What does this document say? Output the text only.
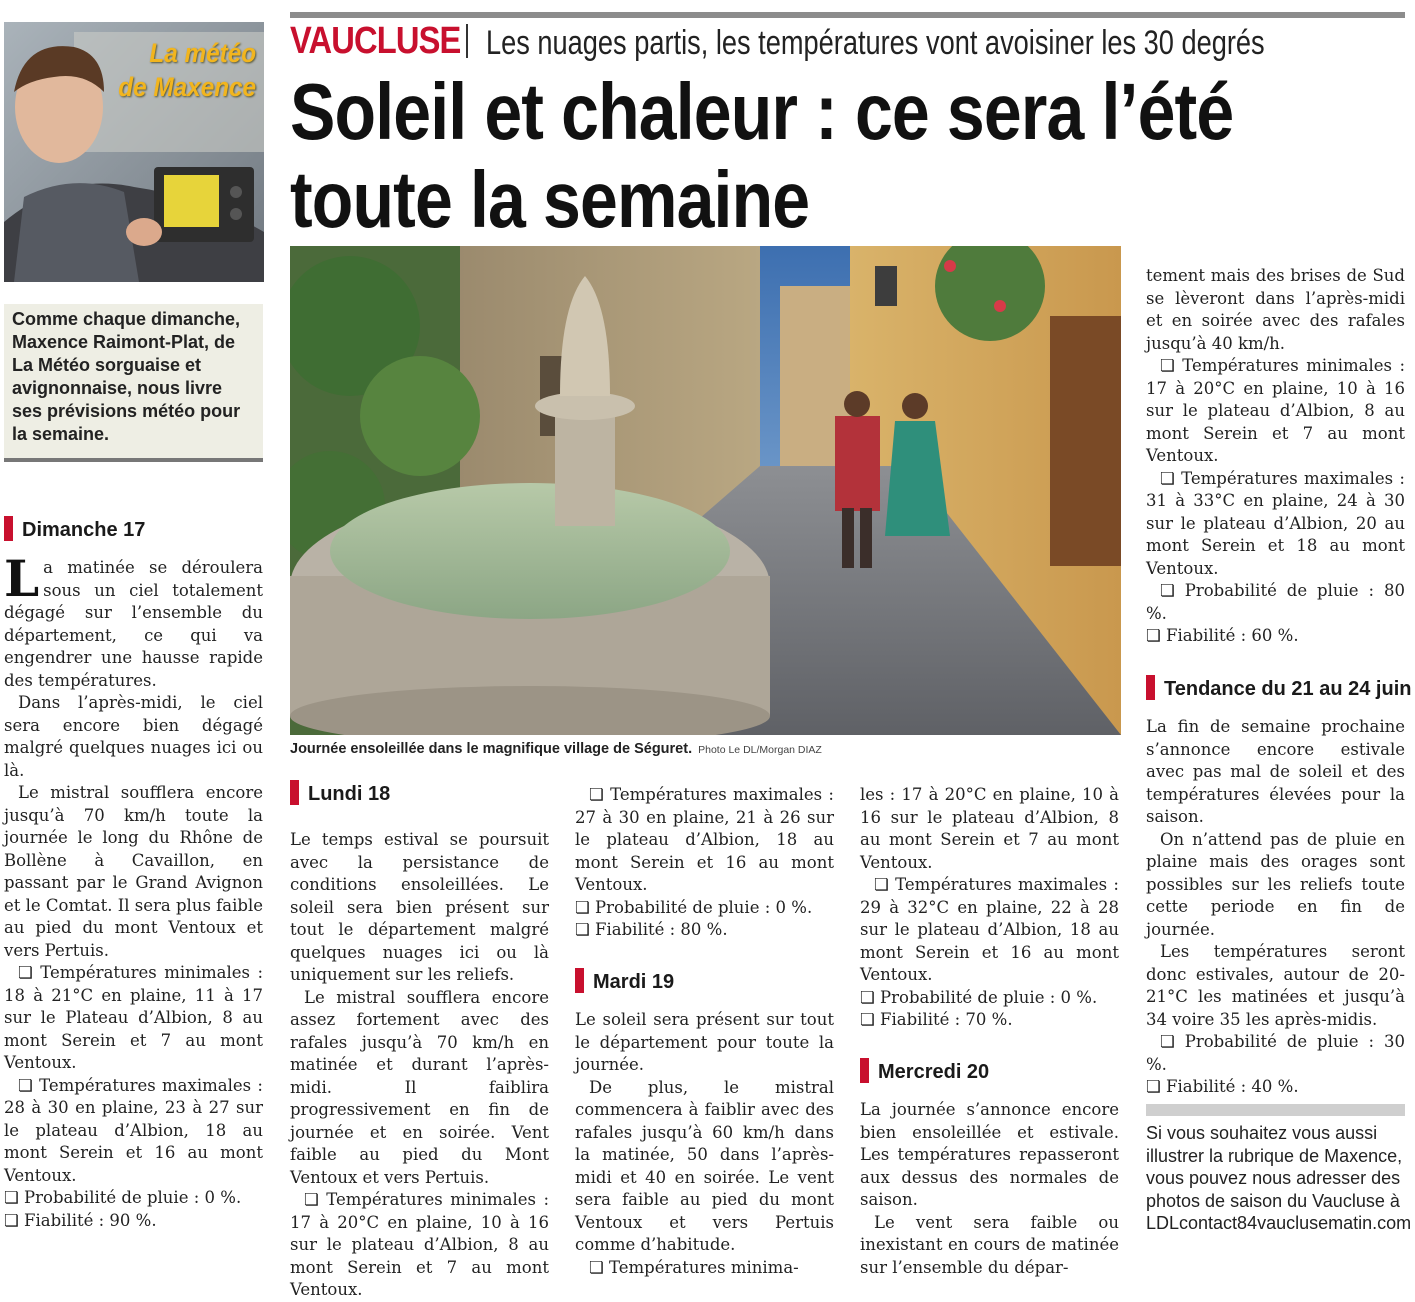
VAUCLUSE Les nuages partis, les températures vont avoisiner les 30 degrés
Soleil et chaleur : ce sera l’été
toute la semaine
La météo
de Maxence
Comme chaque dimanche, Maxence Raimont-Plat, de La Météo sorguaise et avignonnaise, nous livre ses prévisions météo pour la semaine.
Dimanche 17

La matinée se déroulera sous un ciel totalement dégagé sur l’ensemble du département, ce qui va engendrer une hausse rapide des températures.

Dans l’après-midi, le ciel sera encore bien dégagé malgré quelques nuages ici ou là.

Le mistral soufflera encore jusqu’à 70 km/h toute la journée le long du Rhône de Bollène à Cavaillon, en passant par le Grand Avignon et le Comtat. Il sera plus faible au pied du mont Ventoux et vers Pertuis.

❏ Températures minimales : 18 à 21°C en plaine, 11 à 17 sur le Plateau d’Albion, 8 au mont Serein et 7 au mont Ventoux.

❏ Températures maximales : 28 à 30 en plaine, 23 à 27 sur le plateau d’Albion, 18 au mont Serein et 16 au mont Ventoux.

❏ Probabilité de pluie : 0 %.

❏ Fiabilité : 90 %.

Journée ensoleillée dans le magnifique village de Séguret. Photo Le DL/Morgan DIAZ
Lundi 18

Le temps estival se poursuit avec la persistance de conditions ensoleillées. Le soleil sera bien présent sur tout le département malgré quelques nuages ici ou là uniquement sur les reliefs.

Le mistral soufflera encore assez fortement avec des rafales jusqu’à 70 km/h en matinée et durant l’après-midi. Il faiblira progressivement en fin de journée et en soirée. Vent faible au pied du Mont Ventoux et vers Pertuis.

❏ Températures minimales : 17 à 20°C en plaine, 10 à 16 sur le plateau d’Albion, 8 au mont Serein et 7 au mont Ventoux.

❏ Températures maximales : 27 à 30 en plaine, 21 à 26 sur le plateau d’Albion, 18 au mont Serein et 16 au mont Ventoux.

❏ Probabilité de pluie : 0 %.

❏ Fiabilité : 80 %.

Mardi 19

Le soleil sera présent sur tout le département pour toute la journée.

De plus, le mistral commencera à faiblir avec des rafales jusqu’à 60 km/h dans la matinée, 50 dans l’après-midi et 40 en soirée. Le vent sera faible au pied du mont Ventoux et vers Pertuis comme d’habitude.

❏ Températures minima-

les : 17 à 20°C en plaine, 10 à 16 sur le plateau d’Albion, 8 au mont Serein et 7 au mont Ventoux.

❏ Températures maximales : 29 à 32°C en plaine, 22 à 28 sur le plateau d’Albion, 18 au mont Serein et 16 au mont Ventoux.

❏ Probabilité de pluie : 0 %.

❏ Fiabilité : 70 %.

Mercredi 20

La journée s’annonce encore bien ensoleillée et estivale. Les températures repasseront aux dessus des normales de saison.

Le vent sera faible ou inexistant en cours de matinée sur l’ensemble du dépar-

tement mais des brises de Sud se lèveront dans l’après-midi et en soirée avec des rafales jusqu’à 40 km/h.

❏ Températures minimales : 17 à 20°C en plaine, 10 à 16 sur le plateau d’Albion, 8 au mont Serein et 7 au mont Ventoux.

❏ Températures maximales : 31 à 33°C en plaine, 24 à 30 sur le plateau d’Albion, 20 au mont Serein et 18 au mont Ventoux.

❏ Probabilité de pluie : 80 %.

❏ Fiabilité : 60 %.

Tendance du 21 au 24 juin

La fin de semaine prochaine s’annonce encore estivale avec pas mal de soleil et des températures élevées pour la saison.

On n’attend pas de pluie en plaine mais des orages sont possibles sur les reliefs toute cette periode en fin de journée.

Les températures seront donc estivales, autour de 20-21°C les matinées et jusqu’à 34 voire 35 les après-midis.

❏ Probabilité de pluie : 30 %.

❏ Fiabilité : 40 %.

Si vous souhaitez vous aussi illustrer la rubrique de Maxence, vous pouvez nous adresser des photos de saison du Vaucluse à LDLcontact84vauclusematin.com
